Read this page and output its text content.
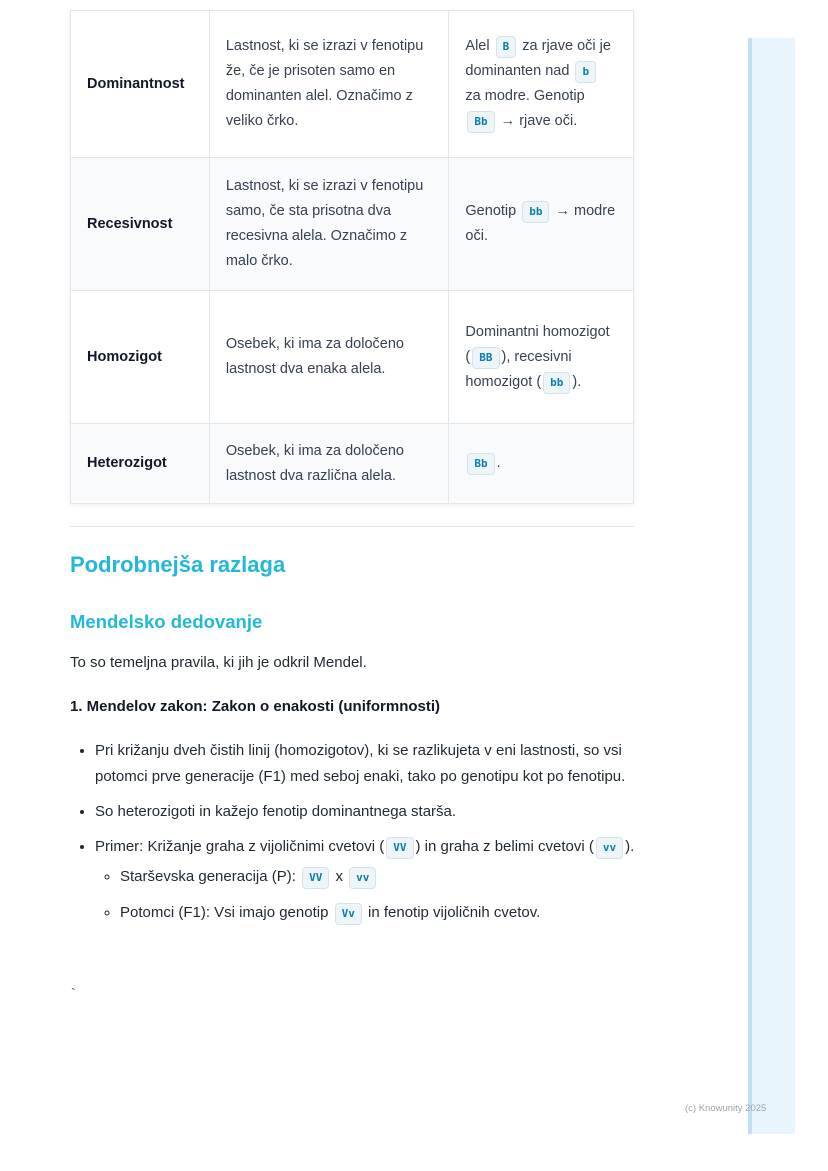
Dominantnost	Lastnost, ki se izrazi v fenotipu že, če je prisoten samo en dominanten alel. Označimo z veliko črko.	Alel B za rjave oči je dominanten nad b za modre. Genotip Bb → rjave oči.
Recesivnost	Lastnost, ki se izrazi v fenotipu samo, če sta prisotna dva recesivna alela. Označimo z malo črko.	Genotip bb → modre oči.
Homozigot	Osebek, ki ima za določeno lastnost dva enaka alela.	Dominantni homozigot ( BB ), recesivni homozigot ( bb ).
Heterozigot	Osebek, ki ima za določeno lastnost dva različna alela.	Bb .
Podrobnejša razlaga
Mendelsko dedovanje

To so temeljna pravila, ki jih je odkril Mendel.

1. Mendelov zakon: Zakon o enakosti (uniformnosti)

• Pri križanju dveh čistih linij (homozigotov), ki se razlikujeta v eni lastnosti, so vsi potomci prve generacije (F1) med seboj enaki, tako po genotipu kot po fenotipu.
• So heterozigoti in kažejo fenotip dominantnega starša.
• Primer: Križanje graha z vijoličnimi cvetovi ( VV ) in graha z belimi cvetovi ( vv ).
◦ Starševska generacija (P): VV x vv
◦ Potomci (F1): Vsi imajo genotip Vv in fenotip vijoličnih cvetov.
`
(c) Knowunity 2025
